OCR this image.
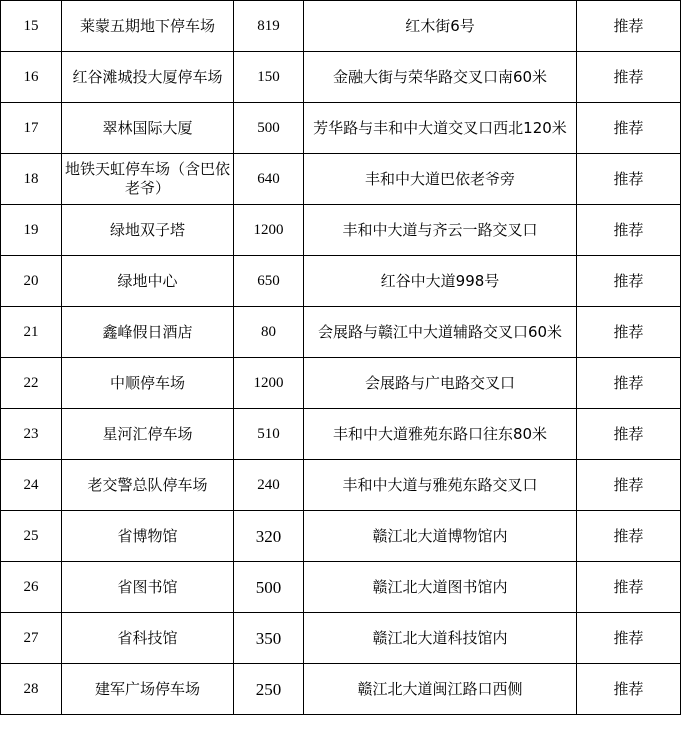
15	莱蒙五期地下停车场	819	红木街6号	推荐
16	红谷滩城投大厦停车场	150	金融大街与荣华路交叉口南60米	推荐
17	翠林国际大厦	500	芳华路与丰和中大道交叉口西北120米	推荐
18	地铁天虹停车场（含巴依老爷）	640	丰和中大道巴依老爷旁	推荐
19	绿地双子塔	1200	丰和中大道与齐云一路交叉口	推荐
20	绿地中心	650	红谷中大道998号	推荐
21	鑫峰假日酒店	80	会展路与赣江中大道辅路交叉口60米	推荐
22	中顺停车场	1200	会展路与广电路交叉口	推荐
23	星河汇停车场	510	丰和中大道雅苑东路口往东80米	推荐
24	老交警总队停车场	240	丰和中大道与雅苑东路交叉口	推荐
25	省博物馆	320	赣江北大道博物馆内	推荐
26	省图书馆	500	赣江北大道图书馆内	推荐
27	省科技馆	350	赣江北大道科技馆内	推荐
28	建军广场停车场	250	赣江北大道闽江路口西侧	推荐
